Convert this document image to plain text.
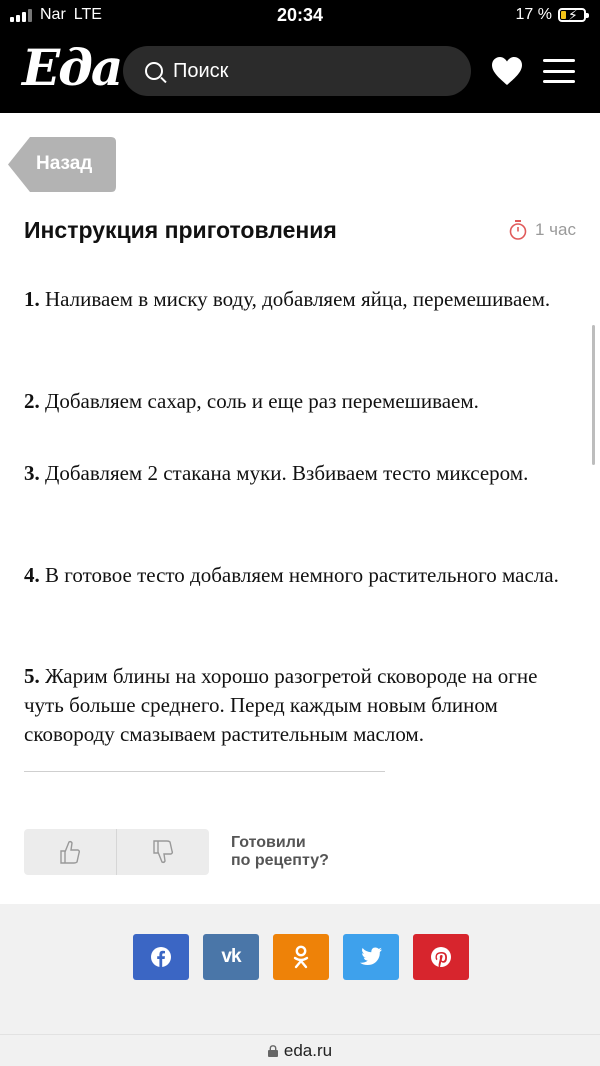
Nar LTE	20:34	17 % ⚡
Еда	Поиск
Назад
Инструкция приготовления	1 час
1. Наливаем в миску воду, добавляем яйца, перемешиваем.
2. Добавляем сахар, соль и еще раз перемешиваем.
3. Добавляем 2 стакана муки. Взбиваем тесто миксером.
4. В готовое тесто добавляем немного растительного масла.
5. Жарим блины на хорошо разогретой сковороде на огне чуть больше среднего. Перед каждым новым блином сковороду смазываем растительным маслом.
Готовили
по рецепту?
vk
eda.ru
